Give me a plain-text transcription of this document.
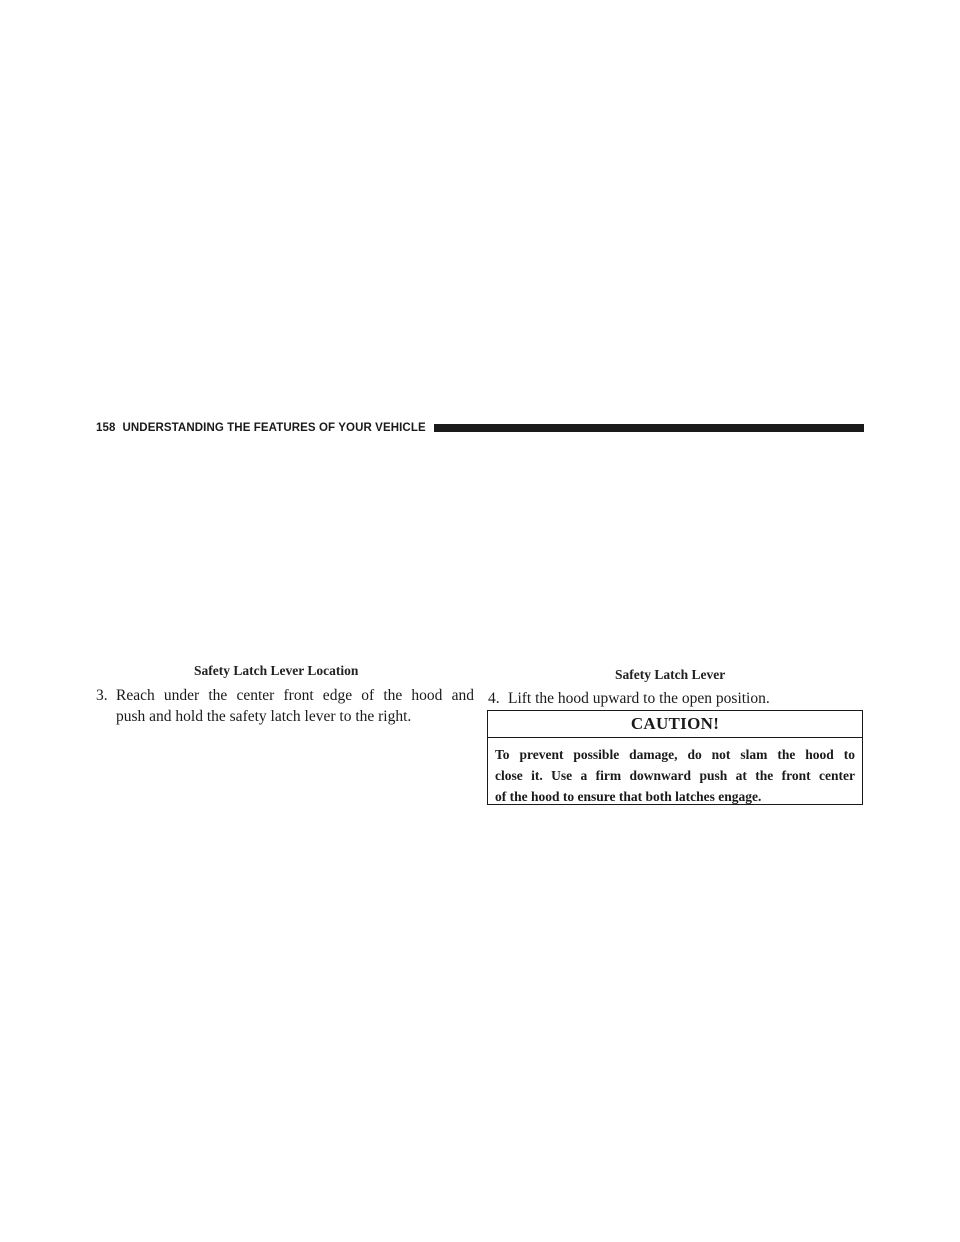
158 UNDERSTANDING THE FEATURES OF YOUR VEHICLE
Safety Latch Lever Location	Safety Latch Lever
3. Reach under the center front edge of the hood and
push and hold the safety latch lever to the right.
4. Lift the hood upward to the open position.
CAUTION!
To prevent possible damage, do not slam the hood to
close it. Use a firm downward push at the front center
of the hood to ensure that both latches engage.
